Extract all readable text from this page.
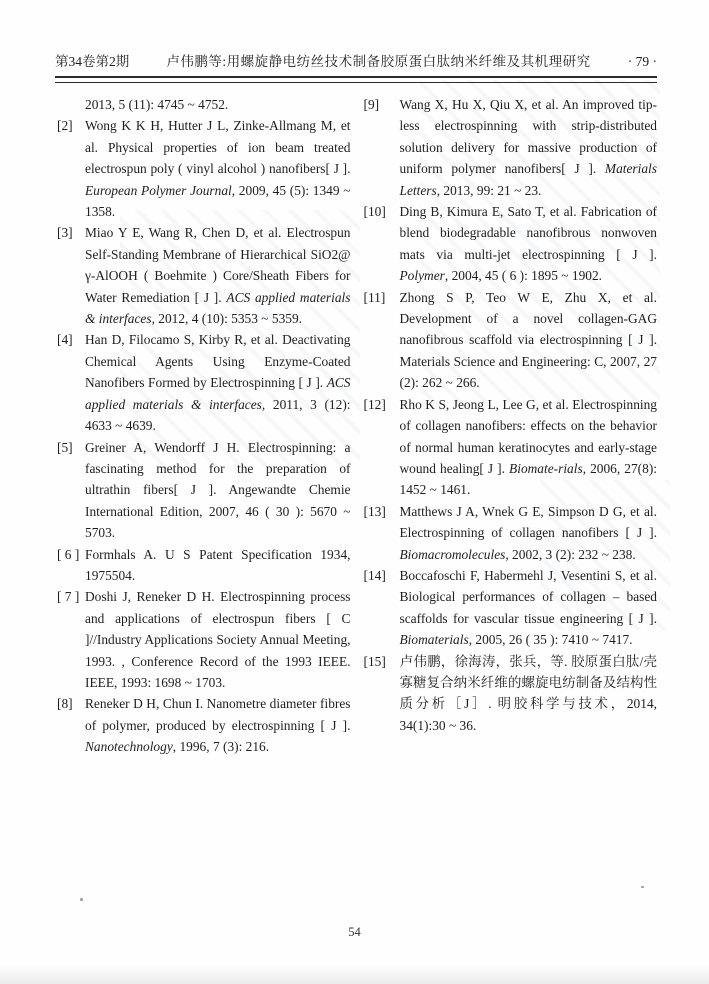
第34卷第2期	卢伟鹏等:用螺旋静电纺丝技术制备胶原蛋白肽纳米纤维及其机理研究	· 79 ·
2013, 5 (11): 4745 ~ 4752.
[2] Wong K K H, Hutter J L, Zinke-Allmang M, et al. Physical properties of ion beam treated electrospun poly ( vinyl alcohol ) nanofibers[ J ]. European Polymer Journal, 2009, 45 (5): 1349 ~ 1358.
[3] Miao Y E, Wang R, Chen D, et al. Electrospun Self-Standing Membrane of Hierarchical SiO2@ γ-AlOOH ( Boehmite ) Core/Sheath Fibers for Water Remediation [ J ]. ACS applied materials & interfaces, 2012, 4 (10): 5353 ~ 5359.
[4] Han D, Filocamo S, Kirby R, et al. Deactivating Chemical Agents Using Enzyme-Coated Nanofibers Formed by Electrospinning [ J ]. ACS applied materials & interfaces, 2011, 3 (12): 4633 ~ 4639.
[5] Greiner A, Wendorff J H. Electrospinning: a fascinating method for the preparation of ultrathin fibers[ J ]. Angewandte Chemie International Edition, 2007, 46 ( 30 ): 5670 ~ 5703.
[ 6 ] Formhals A. U S Patent Specification 1934, 1975504.
[ 7 ] Doshi J, Reneker D H. Electrospinning process and applications of electrospun fibers [ C ]//Industry Applications Society Annual Meeting, 1993. , Conference Record of the 1993 IEEE. IEEE, 1993: 1698 ~ 1703.
[8] Reneker D H, Chun I. Nanometre diameter fibres of polymer, produced by electrospinning [ J ]. Nanotechnology, 1996, 7 (3): 216.
[9] Wang X, Hu X, Qiu X, et al. An improved tip-less electrospinning with strip-distributed solution delivery for massive production of uniform polymer nanofibers[ J ]. Materials Letters, 2013, 99: 21 ~ 23.
[10] Ding B, Kimura E, Sato T, et al. Fabrication of blend biodegradable nanofibrous nonwoven mats via multi-jet electrospinning [ J ]. Polymer, 2004, 45 ( 6 ): 1895 ~ 1902.
[11] Zhong S P, Teo W E, Zhu X, et al. Development of a novel collagen-GAG nanofibrous scaffold via electrospinning [ J ]. Materials Science and Engineering: C, 2007, 27 (2): 262 ~ 266.
[12] Rho K S, Jeong L, Lee G, et al. Electrospinning of collagen nanofibers: effects on the behavior of normal human keratinocytes and early-stage wound healing[ J ]. Biomate-rials, 2006, 27(8): 1452 ~ 1461.
[13] Matthews J A, Wnek G E, Simpson D G, et al. Electrospinning of collagen nanofibers [ J ]. Biomacromolecules, 2002, 3 (2): 232 ~ 238.
[14] Boccafoschi F, Habermehl J, Vesentini S, et al. Biological performances of collagen – based scaffolds for vascular tissue engineering [ J ]. Biomaterials, 2005, 26 ( 35 ): 7410 ~ 7417.
[15] 卢伟鹏，徐海涛，张兵，等. 胶原蛋白肽/壳寡糖复合纳米纤维的螺旋电纺制备及结构性质分析［J］. 明胶科学与技术，2014, 34(1):30 ~ 36.
54
